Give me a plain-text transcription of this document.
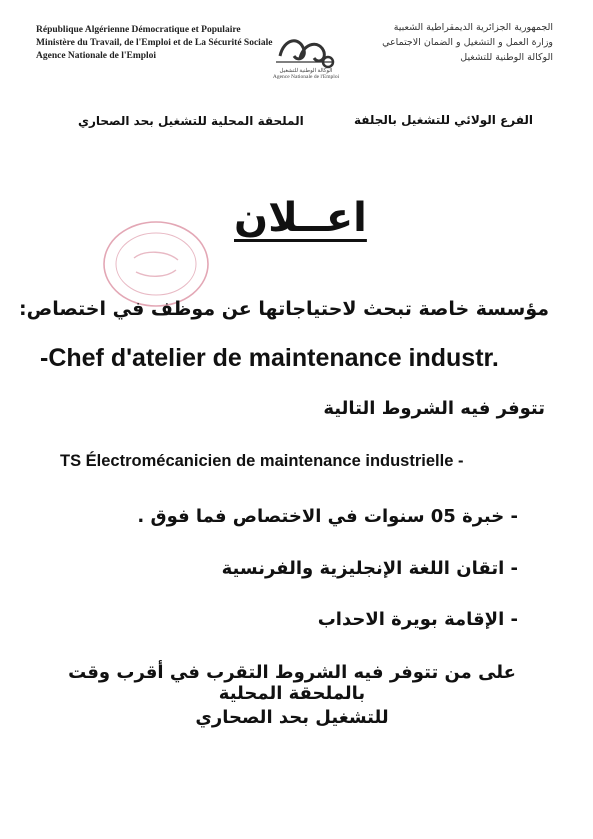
République Algérienne Démocratique et Populaire
Ministère du Travail, de l'Emploi et de La Sécurité Sociale
Agence Nationale de l'Emploi
الوكالة الوطنية للتشغيل
Agence Nationale de l'Emploi
الجمهورية الجزائرية الديمقراطية الشعبية
وزارة العمل و التشغيل و الضمان الاجتماعي
الوكالة الوطنية للتشغيل
الملحقة المحلية للتشغيل بحد الصحاري	الفرع الولائي للتشغيل بالجلفة
اعــلان
مؤسسة خاصة تبحث لاحتياجاتها عن موظف في اختصاص:
-Chef d'atelier de maintenance industr.
تتوفر فيه الشروط التالية
TS Électromécanicien de maintenance industrielle -
- خبرة 05 سنوات في الاختصاص فما فوق .
- اتقان اللغة الإنجليزية والفرنسية
- الإقامة بويرة الاحداب
على من تتوفر فيه الشروط التقرب في أقرب وقت بالملحقة المحلية
للتشغيل بحد الصحاري
